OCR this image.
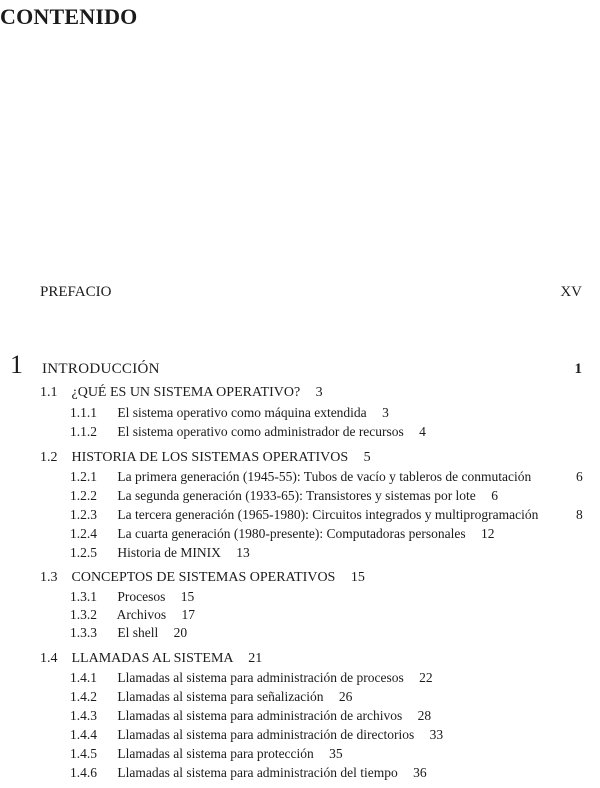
CONTENIDO
PREFACIO	XV
1	INTRODUCCIÓN	1
1.1 ¿QUÉ ES UN SISTEMA OPERATIVO? 3
1.1.1 El sistema operativo como máquina extendida 3
1.1.2 El sistema operativo como administrador de recursos 4
1.2 HISTORIA DE LOS SISTEMAS OPERATIVOS 5
1.2.1 La primera generación (1945-55): Tubos de vacío y tableros de conmutación	6
1.2.2 La segunda generación (1933-65): Transistores y sistemas por lote 6
1.2.3 La tercera generación (1965-1980): Circuitos integrados y multiprogramación	8
1.2.4 La cuarta generación (1980-presente): Computadoras personales 12
1.2.5 Historia de MINIX 13
1.3 CONCEPTOS DE SISTEMAS OPERATIVOS 15
1.3.1 Procesos 15
1.3.2 Archivos 17
1.3.3 El shell 20
1.4 LLAMADAS AL SISTEMA 21
1.4.1 Llamadas al sistema para administración de procesos 22
1.4.2 Llamadas al sistema para señalización 26
1.4.3 Llamadas al sistema para administración de archivos 28
1.4.4 Llamadas al sistema para administración de directorios 33
1.4.5 Llamadas al sistema para protección 35
1.4.6 Llamadas al sistema para administración del tiempo 36
